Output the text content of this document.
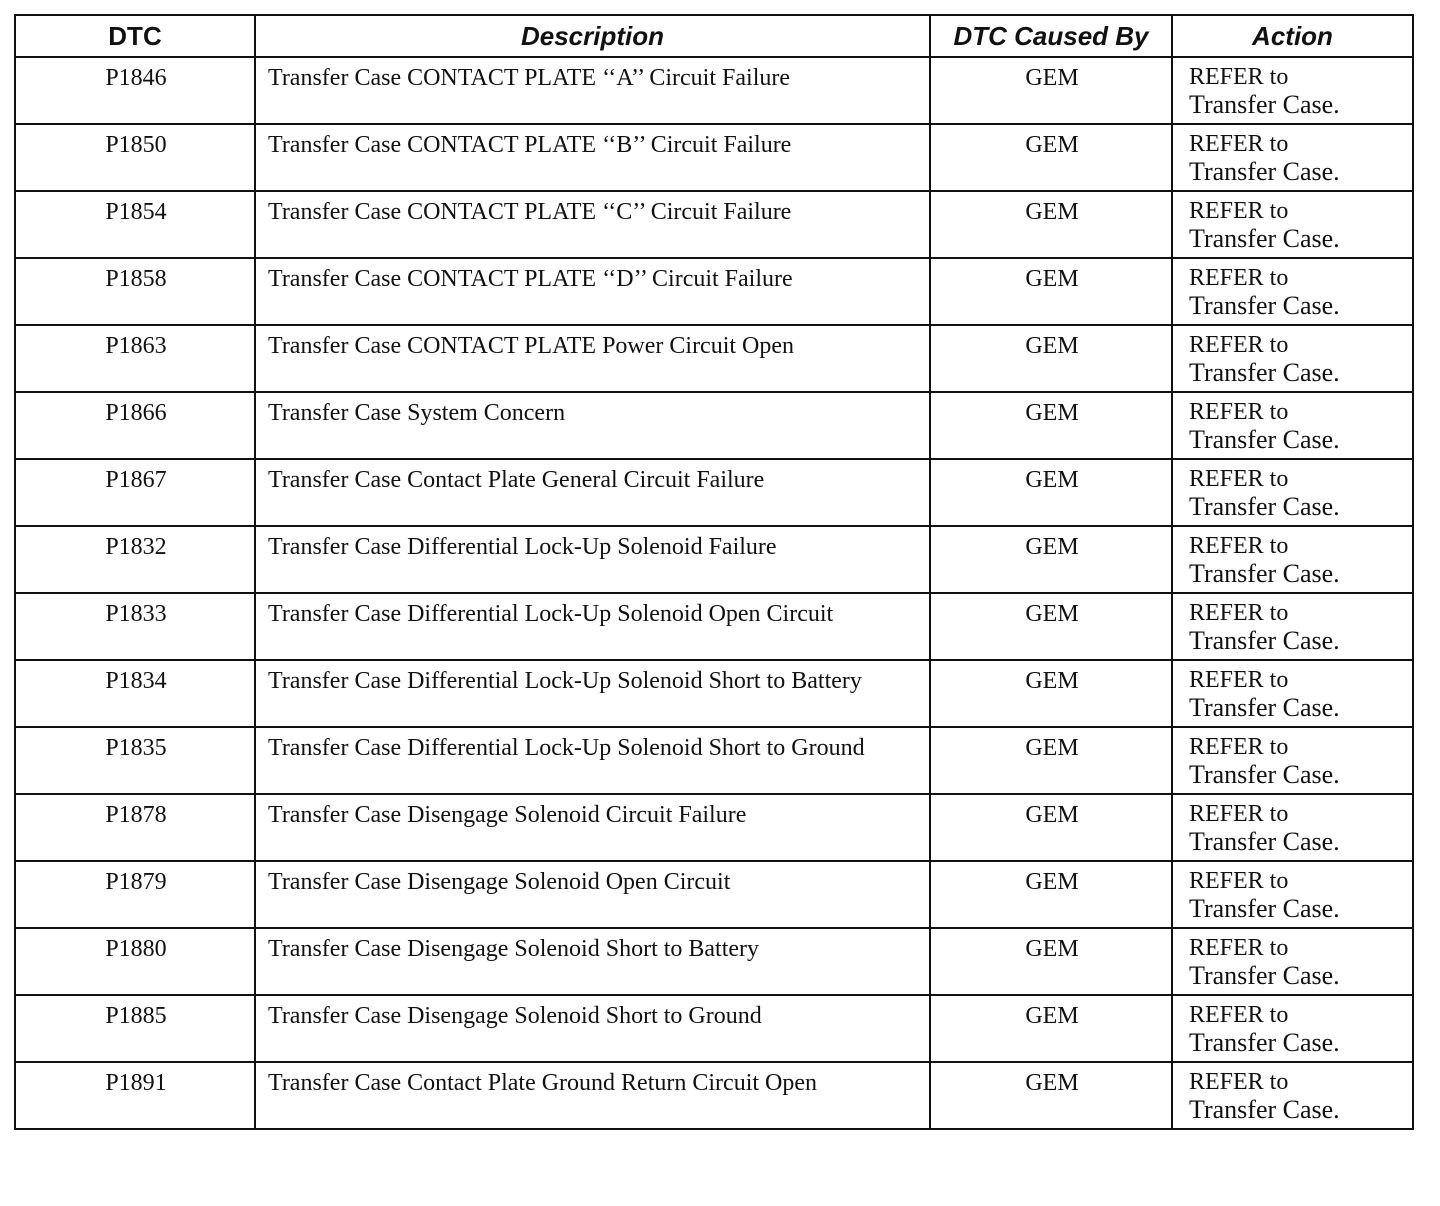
DTC	Description	DTC Caused By	Action
P1846	Transfer Case CONTACT PLATE ‘‘A’’ Circuit Failure	GEM	REFER to
Transfer Case.

P1850	Transfer Case CONTACT PLATE ‘‘B’’ Circuit Failure	GEM	REFER to
Transfer Case.

P1854	Transfer Case CONTACT PLATE ‘‘C’’ Circuit Failure	GEM	REFER to
Transfer Case.

P1858	Transfer Case CONTACT PLATE ‘‘D’’ Circuit Failure	GEM	REFER to
Transfer Case.

P1863	Transfer Case CONTACT PLATE Power Circuit Open	GEM	REFER to
Transfer Case.

P1866	Transfer Case System Concern	GEM	REFER to
Transfer Case.

P1867	Transfer Case Contact Plate General Circuit Failure	GEM	REFER to
Transfer Case.

P1832	Transfer Case Differential Lock-Up Solenoid Failure	GEM	REFER to
Transfer Case.

P1833	Transfer Case Differential Lock-Up Solenoid Open Circuit	GEM	REFER to
Transfer Case.

P1834	Transfer Case Differential Lock-Up Solenoid Short to Battery	GEM	REFER to
Transfer Case.

P1835	Transfer Case Differential Lock-Up Solenoid Short to Ground	GEM	REFER to
Transfer Case.

P1878	Transfer Case Disengage Solenoid Circuit Failure	GEM	REFER to
Transfer Case.

P1879	Transfer Case Disengage Solenoid Open Circuit	GEM	REFER to
Transfer Case.

P1880	Transfer Case Disengage Solenoid Short to Battery	GEM	REFER to
Transfer Case.

P1885	Transfer Case Disengage Solenoid Short to Ground	GEM	REFER to
Transfer Case.

P1891	Transfer Case Contact Plate Ground Return Circuit Open	GEM	REFER to
Transfer Case.
